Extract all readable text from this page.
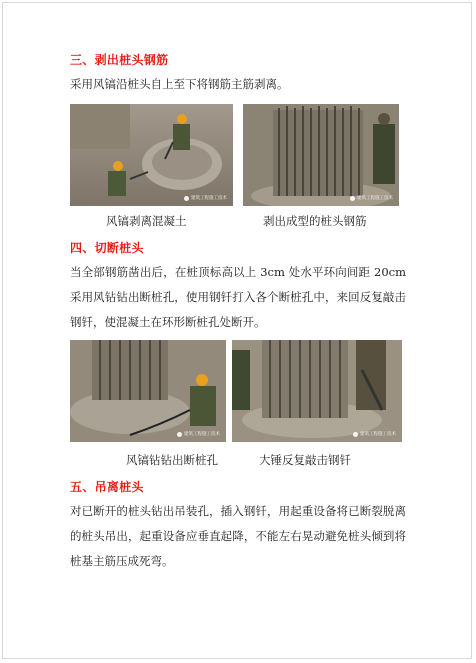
三、剥出桩头钢筋
采用风镐沿桩头自上至下将钢筋主筋剥离。
建筑工程施工技术	建筑工程施工技术
风镐剥离混凝土	剥出成型的桩头钢筋
四、切断桩头
当全部钢筋凿出后，在桩顶标高以上 3cm 处水平环向间距 20cm 采用风钻钻出断桩孔，使用钢钎打入各个断桩孔中，来回反复敲击钢钎，使混凝土在环形断桩孔处断开。
建筑工程施工技术	建筑工程施工技术
风镐钻钻出断桩孔	大锤反复敲击钢钎
五、吊离桩头
对已断开的桩头钻出吊装孔，插入钢钎，用起重设备将已断裂脱离的桩头吊出，起重设备应垂直起降，不能左右晃动避免桩头倾到将桩基主筋压成死弯。
